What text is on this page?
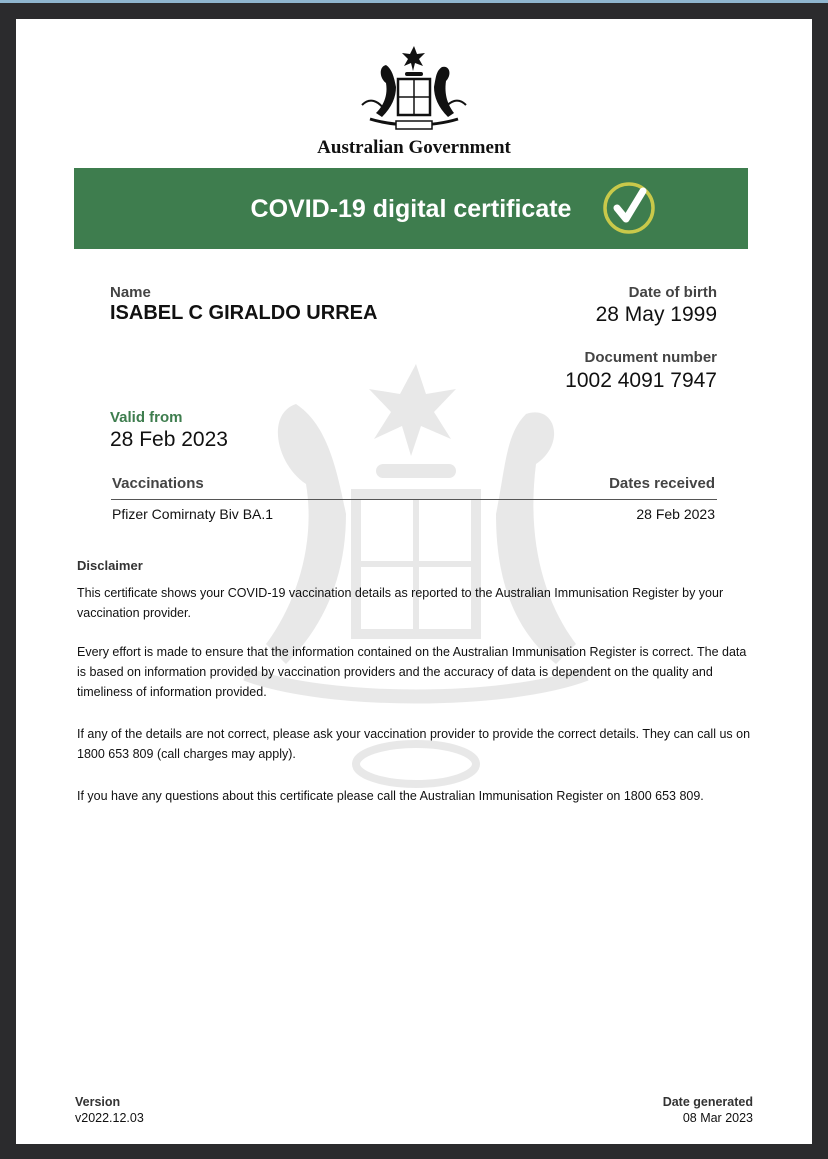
Australian Government
COVID-19 digital certificate
Name
ISABEL C GIRALDO URREA
Date of birth
28 May 1999
Document number
1002 4091 7947
Valid from
28 Feb 2023
Vaccinations	Dates received
Pfizer Comirnaty Biv BA.1	28 Feb 2023
Disclaimer
This certificate shows your COVID-19 vaccination details as reported to the Australian Immunisation Register by your vaccination provider.
Every effort is made to ensure that the information contained on the Australian Immunisation Register is correct. The data is based on information provided by vaccination providers and the accuracy of data is dependent on the quality and timeliness of information provided.
If any of the details are not correct, please ask your vaccination provider to provide the correct details. They can call us on 1800 653 809 (call charges may apply).
If you have any questions about this certificate please call the Australian Immunisation Register on 1800 653 809.
Version
v2022.12.03
Date generated
08 Mar 2023
